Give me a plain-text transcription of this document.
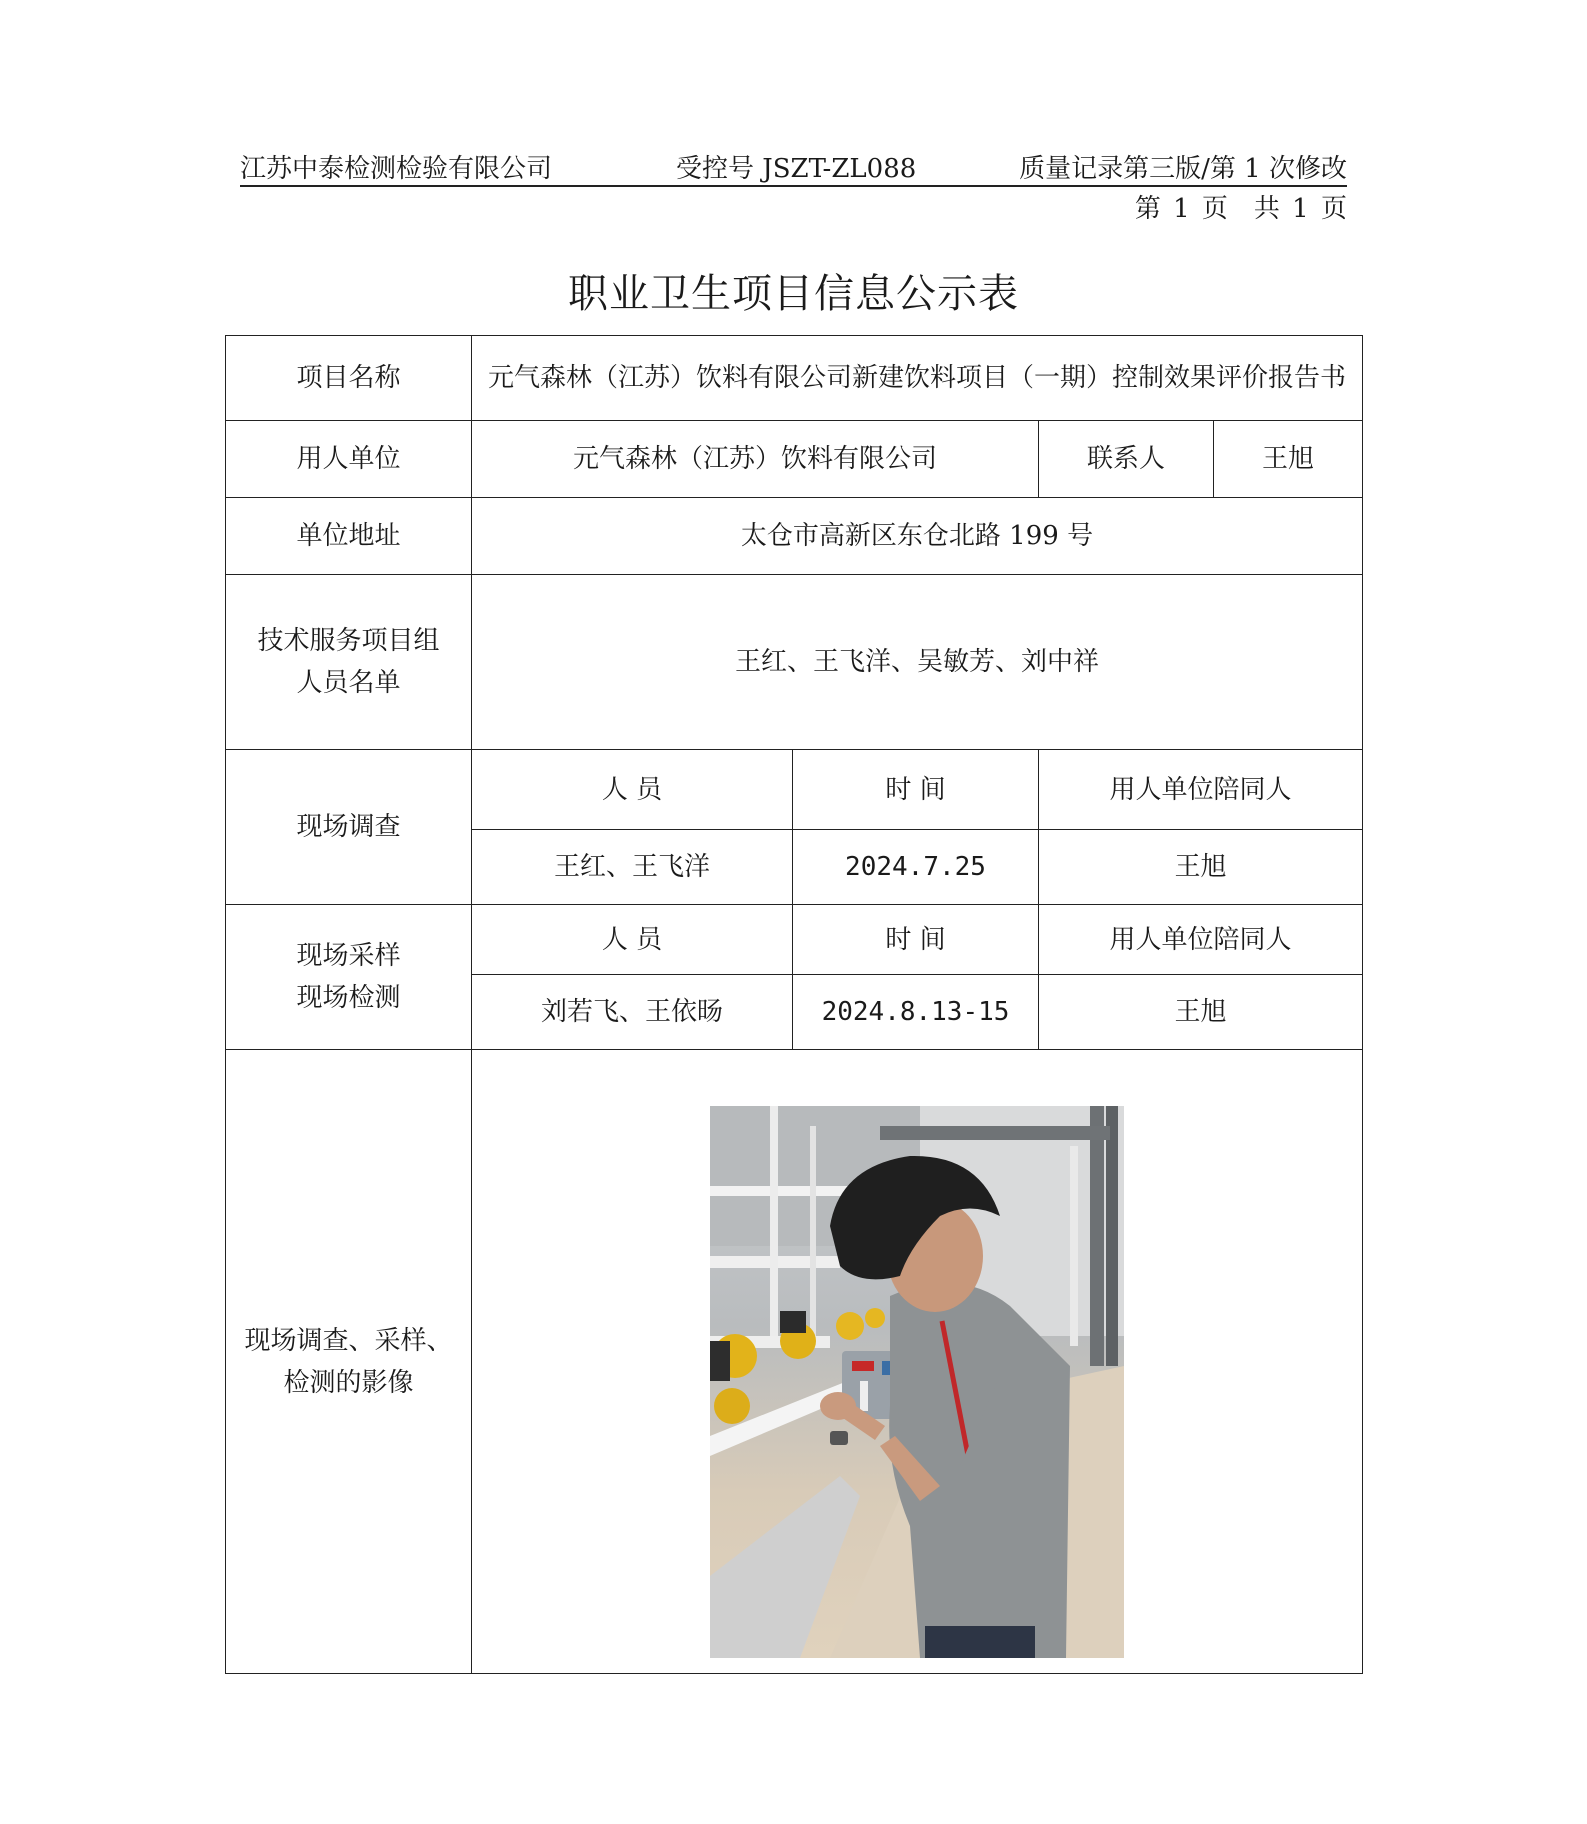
江苏中泰检测检验有限公司	受控号 JSZT-ZL088	质量记录第三版/第 1 次修改
第 1 页　共 1 页
职业卫生项目信息公示表
项目名称	元气森林（江苏）饮料有限公司新建饮料项目（一期）控制效果评价报告书			
用人单位	元气森林（江苏）饮料有限公司		联系人	王旭
单位地址	太仓市高新区东仓北路 199 号			
技术服务项目组
人员名单	王红、王飞洋、吴敏芳、刘中祥			
现场调查	人 员	时 间	用人单位陪同人	
	王红、王飞洋	2024.7.25	王旭	
现场采样
现场检测	人 员	时 间	用人单位陪同人	
	刘若飞、王依旸	2024.8.13-15	王旭	
现场调查、采样、
检测的影像	
